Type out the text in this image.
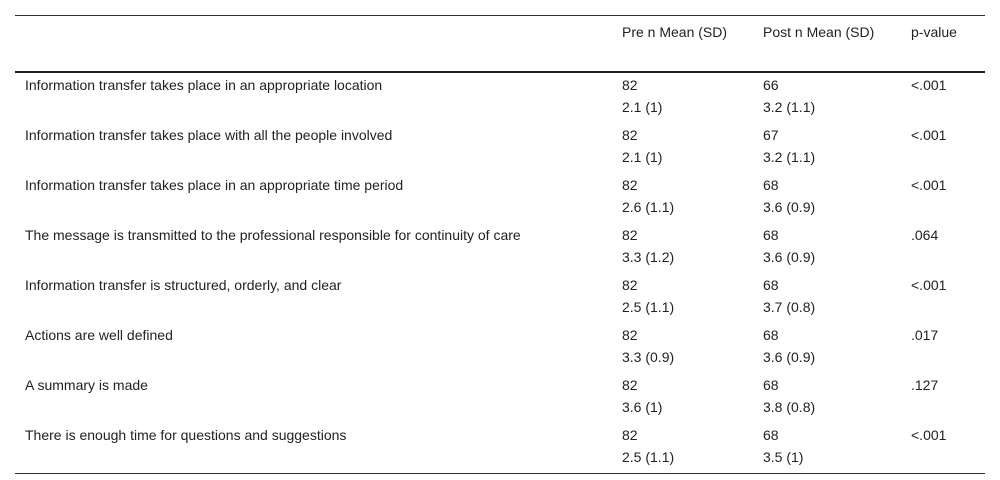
	Pre n Mean (SD)	Post n Mean (SD)	p-value
Information transfer takes place in an appropriate location	82	66	<.001
	2.1 (1)	3.2 (1.1)	
Information transfer takes place with all the people involved	82	67	<.001
	2.1 (1)	3.2 (1.1)	
Information transfer takes place in an appropriate time period	82	68	<.001
	2.6 (1.1)	3.6 (0.9)	
The message is transmitted to the professional responsible for continuity of care	82	68	.064
	3.3 (1.2)	3.6 (0.9)	
Information transfer is structured, orderly, and clear	82	68	<.001
	2.5 (1.1)	3.7 (0.8)	
Actions are well defined	82	68	.017
	3.3 (0.9)	3.6 (0.9)	
A summary is made	82	68	.127
	3.6 (1)	3.8 (0.8)	
There is enough time for questions and suggestions	82	68	<.001
	2.5 (1.1)	3.5 (1)	
